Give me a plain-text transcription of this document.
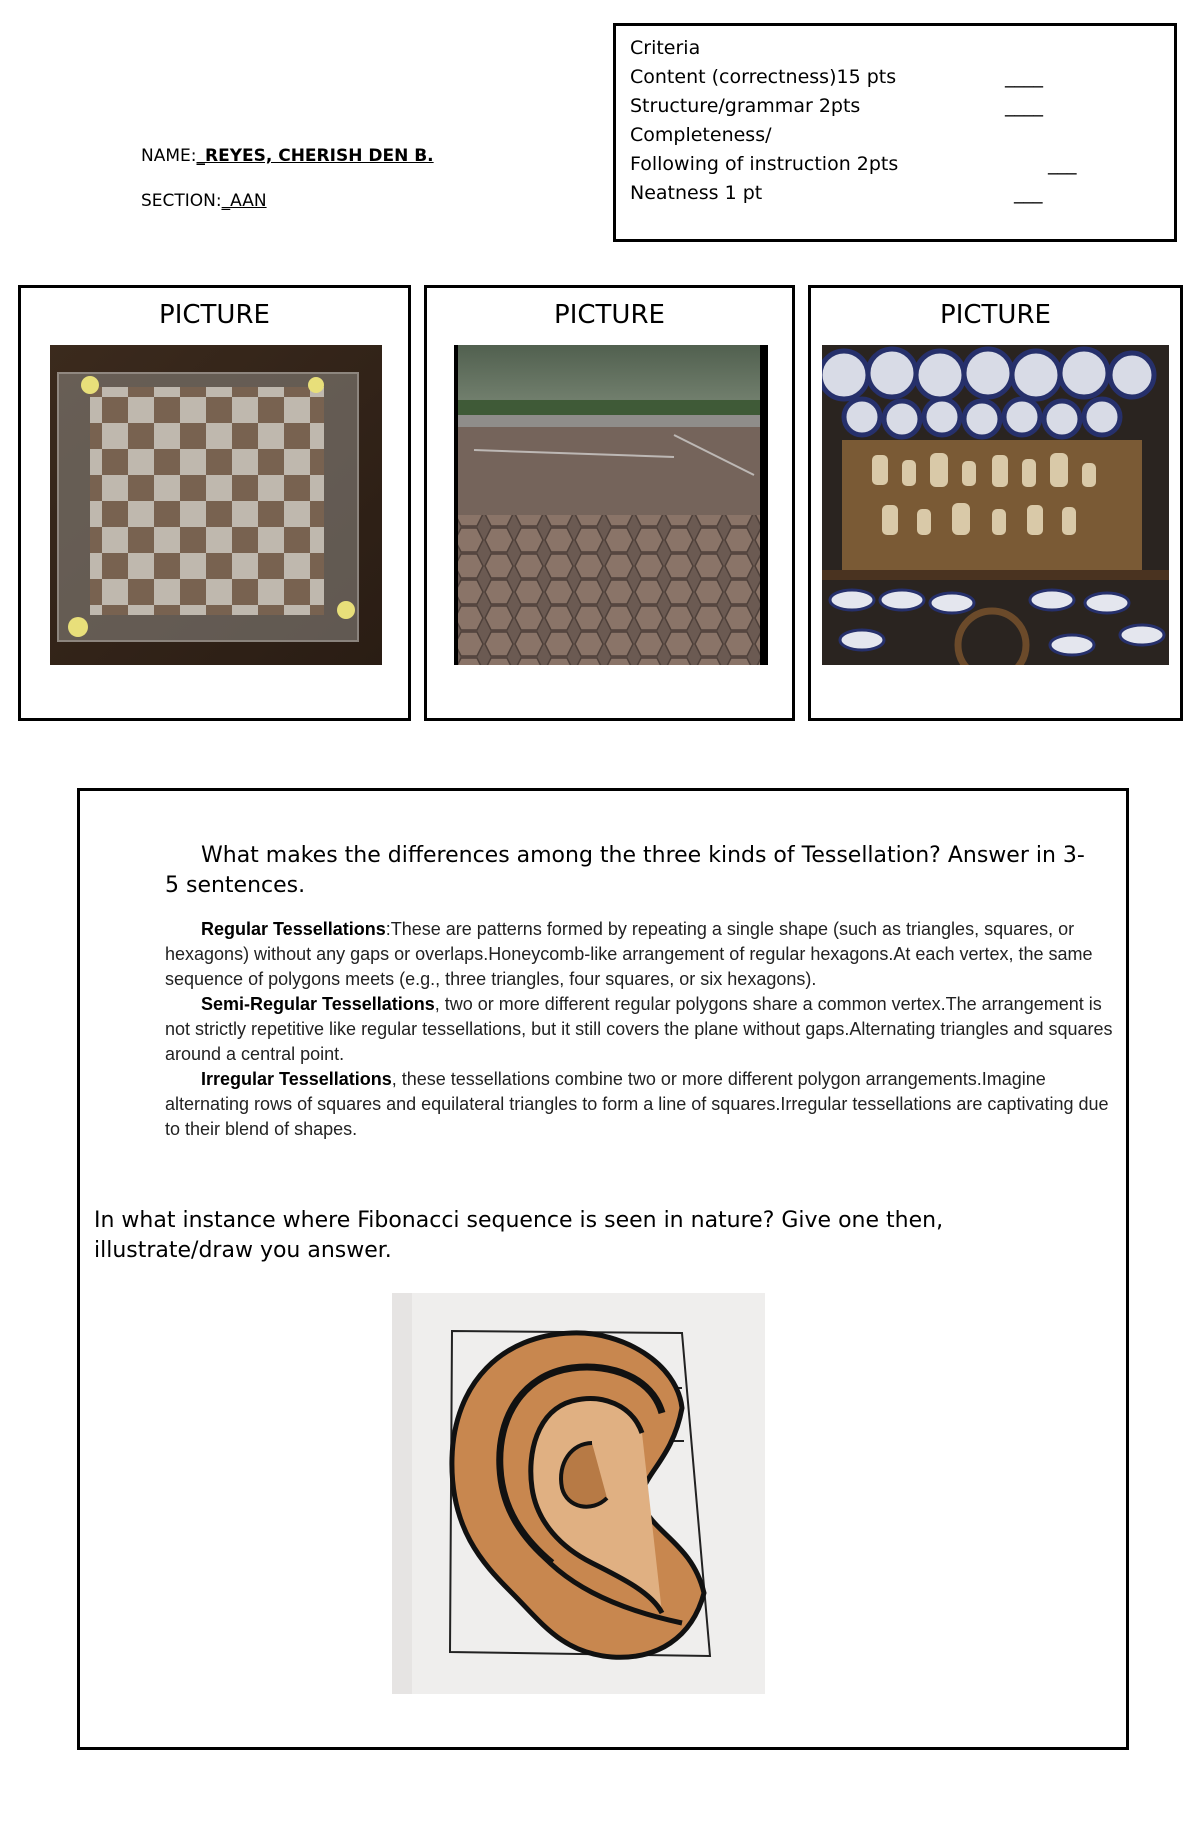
NAME:_REYES, CHERISH DEN B.
SECTION:_AAN
Criteria
Content (correctness)15 pts	____
Structure/grammar 2pts	____
Completeness/
Following of instruction 2pts	___
Neatness 1 pt	___
PICTURE	PICTURE	PICTURE
What makes the differences among the three kinds of Tessellation? Answer in 3-5 sentences.

Regular Tessellations:These are patterns formed by repeating a single shape (such as triangles, squares, or hexagons) without any gaps or overlaps.Honeycomb-like arrangement of regular hexagons.At each vertex, the same sequence of polygons meets (e.g., three triangles, four squares, or six hexagons).

Semi-Regular Tessellations, two or more different regular polygons share a common vertex.The arrangement is not strictly repetitive like regular tessellations, but it still covers the plane without gaps.Alternating triangles and squares around a central point.

Irregular Tessellations, these tessellations combine two or more different polygon arrangements.Imagine alternating rows of squares and equilateral triangles to form a line of squares.Irregular tessellations are captivating due to their blend of shapes.

In what instance where Fibonacci sequence is seen in nature? Give one then, illustrate/draw you answer.
